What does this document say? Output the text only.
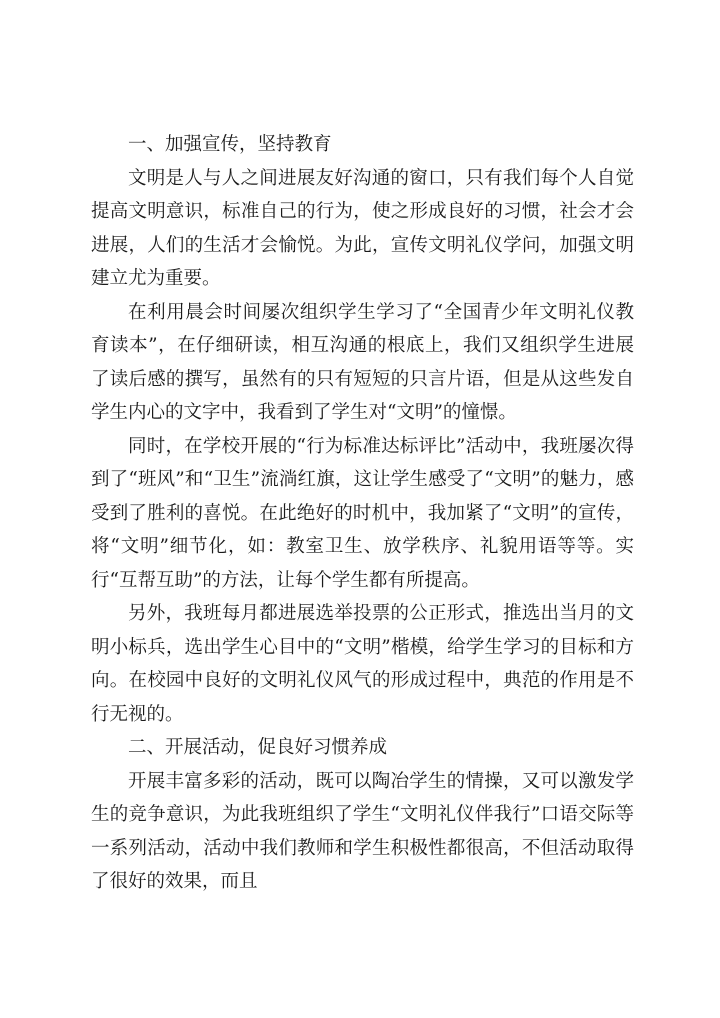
一、加强宣传，坚持教育

文明是人与人之间进展友好沟通的窗口，只有我们每个人自觉提高文明意识，标准自己的行为，使之形成良好的习惯，社会才会进展，人们的生活才会愉悦。为此，宣传文明礼仪学问，加强文明建立尤为重要。

在利用晨会时间屡次组织学生学习了“全国青少年文明礼仪教育读本”，在仔细研读，相互沟通的根底上，我们又组织学生进展了读后感的撰写，虽然有的只有短短的只言片语，但是从这些发自学生内心的文字中，我看到了学生对“文明”的憧憬。

同时，在学校开展的“行为标准达标评比”活动中，我班屡次得到了“班风”和“卫生”流淌红旗，这让学生感受了“文明”的魅力，感受到了胜利的喜悦。在此绝好的时机中，我加紧了“文明”的宣传，将“文明”细节化，如：教室卫生、放学秩序、礼貌用语等等。实行“互帮互助”的方法，让每个学生都有所提高。

另外，我班每月都进展选举投票的公正形式，推选出当月的文明小标兵，选出学生心目中的“文明”楷模，给学生学习的目标和方向。在校园中良好的文明礼仪风气的形成过程中，典范的作用是不行无视的。

二、开展活动，促良好习惯养成

开展丰富多彩的活动，既可以陶冶学生的情操，又可以激发学生的竞争意识，为此我班组织了学生“文明礼仪伴我行”口语交际等一系列活动，活动中我们教师和学生积极性都很高，不但活动取得了很好的效果，而且
